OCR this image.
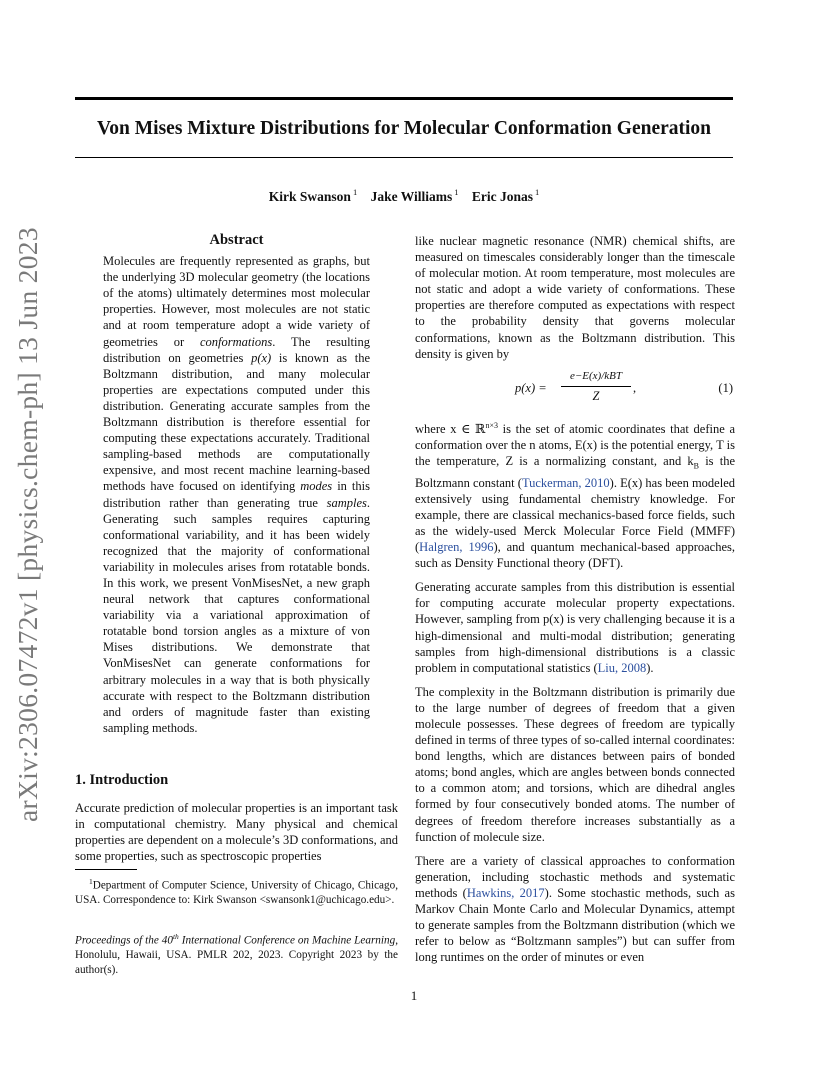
arXiv:2306.07472v1 [physics.chem-ph] 13 Jun 2023
Von Mises Mixture Distributions for Molecular Conformation Generation
Kirk Swanson $^1$ Jake Williams $^1$ Eric Jonas $^1$
Abstract
Molecules are frequently represented as graphs, but the underlying 3D molecular geometry (the locations of the atoms) ultimately determines most molecular properties. However, most molecules are not static and at room temperature adopt a wide variety of geometries or conformations. The resulting distribution on geometries p(x) is known as the Boltzmann distribution, and many molecular properties are expectations computed under this distribution. Generating accurate samples from the Boltzmann distribution is therefore essential for computing these expectations accurately. Traditional sampling-based methods are computationally expensive, and most recent machine learning-based methods have focused on identifying modes in this distribution rather than generating true samples. Generating such samples requires capturing conformational variability, and it has been widely recognized that the majority of conformational variability in molecules arises from rotatable bonds. In this work, we present VonMisesNet, a new graph neural network that captures conformational variability via a variational approximation of rotatable bond torsion angles as a mixture of von Mises distributions. We demonstrate that VonMisesNet can generate conformations for arbitrary molecules in a way that is both physically accurate with respect to the Boltzmann distribution and orders of magnitude faster than existing sampling methods.
1. Introduction

Accurate prediction of molecular properties is an important task in computational chemistry. Many physical and chemical properties are dependent on a molecule’s 3D conformations, and some properties, such as spectroscopic properties

$^1$Department of Computer Science, University of Chicago, Chicago, USA. Correspondence to: Kirk Swanson <swansonk1@uchicago.edu>.
Proceedings of the 40th International Conference on Machine Learning, Honolulu, Hawaii, USA. PMLR 202, 2023. Copyright 2023 by the author(s).

like nuclear magnetic resonance (NMR) chemical shifts, are measured on timescales considerably longer than the timescale of molecular motion. At room temperature, most molecules are not static and adopt a wide variety of conformations. These properties are therefore computed as expectations with respect to the probability density that governs molecular conformations, known as the Boltzmann distribution. This density is given by

p(x) =
e−E(x)/kBT
Z
,	(1)

where x ∈ ℝ$^{n\times 3}$ is the set of atomic coordinates that define a conformation over the n atoms, E(x) is the potential energy, T is the temperature, Z is a normalizing constant, and $k_B$ is the Boltzmann constant (Tuckerman, 2010). E(x) has been modeled extensively using fundamental chemistry knowledge. For example, there are classical mechanics-based force fields, such as the widely-used Merck Molecular Force Field (MMFF) (Halgren, 1996), and quantum mechanical-based approaches, such as Density Functional theory (DFT).

Generating accurate samples from this distribution is essential for computing accurate molecular property expectations. However, sampling from p(x) is very challenging because it is a high-dimensional and multi-modal distribution; generating samples from high-dimensional distributions is a classic problem in computational statistics (Liu, 2008).

The complexity in the Boltzmann distribution is primarily due to the large number of degrees of freedom that a given molecule possesses. These degrees of freedom are typically defined in terms of three types of so-called internal coordinates: bond lengths, which are distances between pairs of bonded atoms; bond angles, which are angles between bonds connected to a common atom; and torsions, which are dihedral angles formed by four consecutively bonded atoms. The number of degrees of freedom therefore increases substantially as a function of molecule size.

There are a variety of classical approaches to conformation generation, including stochastic methods and systematic methods (Hawkins, 2017). Some stochastic methods, such as Markov Chain Monte Carlo and Molecular Dynamics, attempt to generate samples from the Boltzmann distribution (which we refer to below as “Boltzmann samples”) but can suffer from long runtimes on the order of minutes or even

1
